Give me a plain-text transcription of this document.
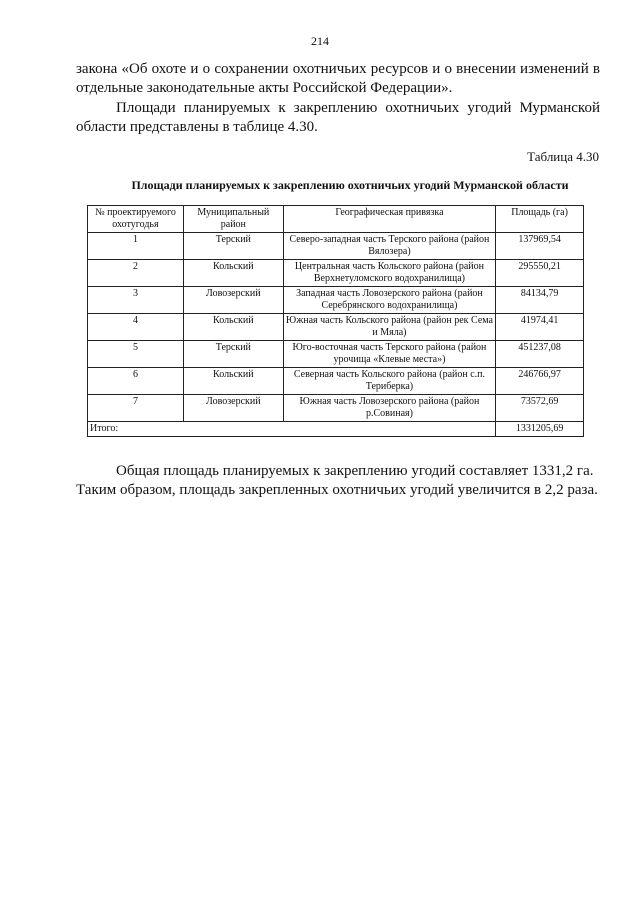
214

закона «Об охоте и о сохранении охотничьих ресурсов и о внесении изменений в отдельные законодательные акты Российской Федерации».

Площади планируемых к закреплению охотничьих угодий Мурманской области представлены в таблице 4.30.

Таблица 4.30
Площади планируемых к закреплению охотничьих угодий Мурманской области
№ проектируемого охотугодья	Муниципальный район	Географическая привязка	Площадь (га)
1	Терский	Северо-западная часть Терского района (район Вялозера)	137969,54
2	Кольский	Центральная часть Кольского района (район Верхнетуломского водохранилища)	295550,21
3	Ловозерский	Западная часть Ловозерского района (район Серебрянского водохранилища)	84134,79
4	Кольский	Южная часть Кольского района (район рек Сема и Мяла)	41974,41
5	Терский	Юго-восточная часть Терского района (район урочища «Клевые места»)	451237,08
6	Кольский	Северная часть Кольского района (район с.п. Териберка)	246766,97
7	Ловозерский	Южная часть Ловозерского района (район р.Совиная)	73572,69
Итого:			1331205,69

Общая площадь планируемых к закреплению угодий составляет 1331,2 га.

Таким образом, площадь закрепленных охотничьих угодий увеличится в 2,2 раза.
